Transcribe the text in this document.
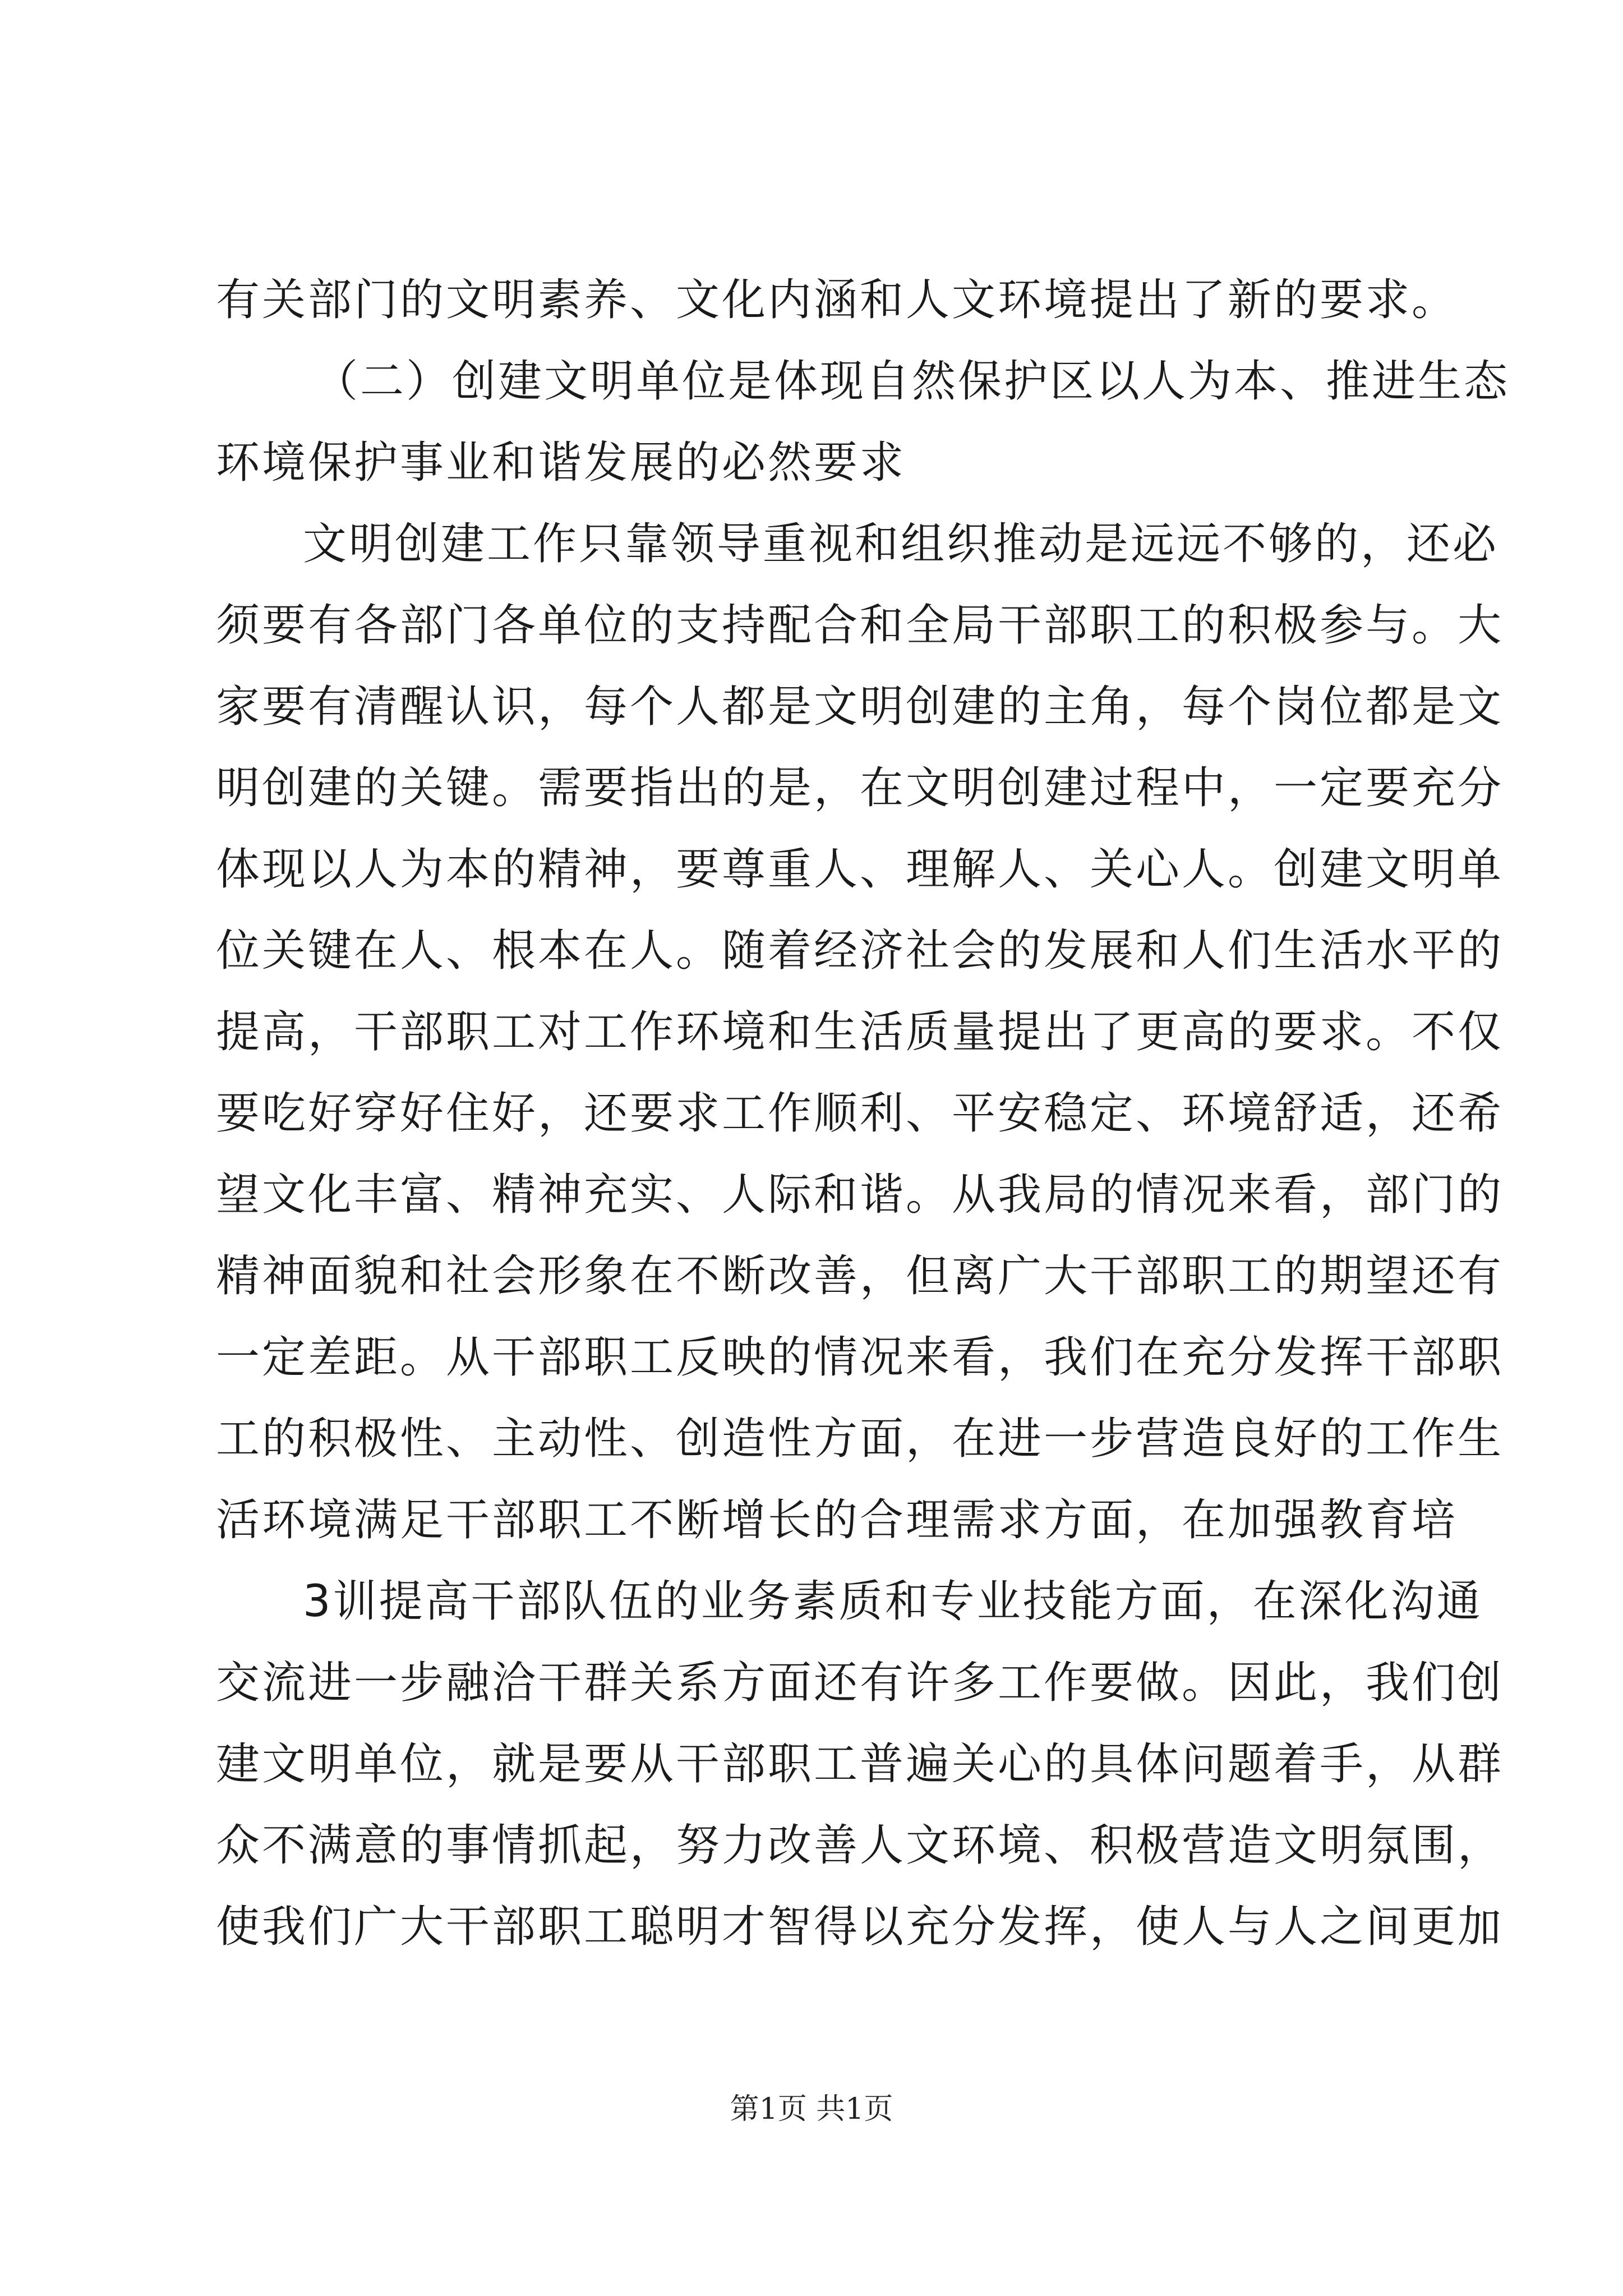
有关部门的文明素养、文化内涵和人文环境提出了新的要求。
（二）创建文明单位是体现自然保护区以人为本、推进生态
环境保护事业和谐发展的必然要求
文明创建工作只靠领导重视和组织推动是远远不够的，还必
须要有各部门各单位的支持配合和全局干部职工的积极参与。大
家要有清醒认识，每个人都是文明创建的主角，每个岗位都是文
明创建的关键。需要指出的是，在文明创建过程中，一定要充分
体现以人为本的精神，要尊重人、理解人、关心人。创建文明单
位关键在人、根本在人。随着经济社会的发展和人们生活水平的
提高，干部职工对工作环境和生活质量提出了更高的要求。不仅
要吃好穿好住好，还要求工作顺利、平安稳定、环境舒适，还希
望文化丰富、精神充实、人际和谐。从我局的情况来看，部门的
精神面貌和社会形象在不断改善，但离广大干部职工的期望还有
一定差距。从干部职工反映的情况来看，我们在充分发挥干部职
工的积极性、主动性、创造性方面，在进一步营造良好的工作生
活环境满足干部职工不断增长的合理需求方面，在加强教育培
3训提高干部队伍的业务素质和专业技能方面，在深化沟通
交流进一步融洽干群关系方面还有许多工作要做。因此，我们创
建文明单位，就是要从干部职工普遍关心的具体问题着手，从群
众不满意的事情抓起，努力改善人文环境、积极营造文明氛围，
使我们广大干部职工聪明才智得以充分发挥，使人与人之间更加
第1页 共1页
